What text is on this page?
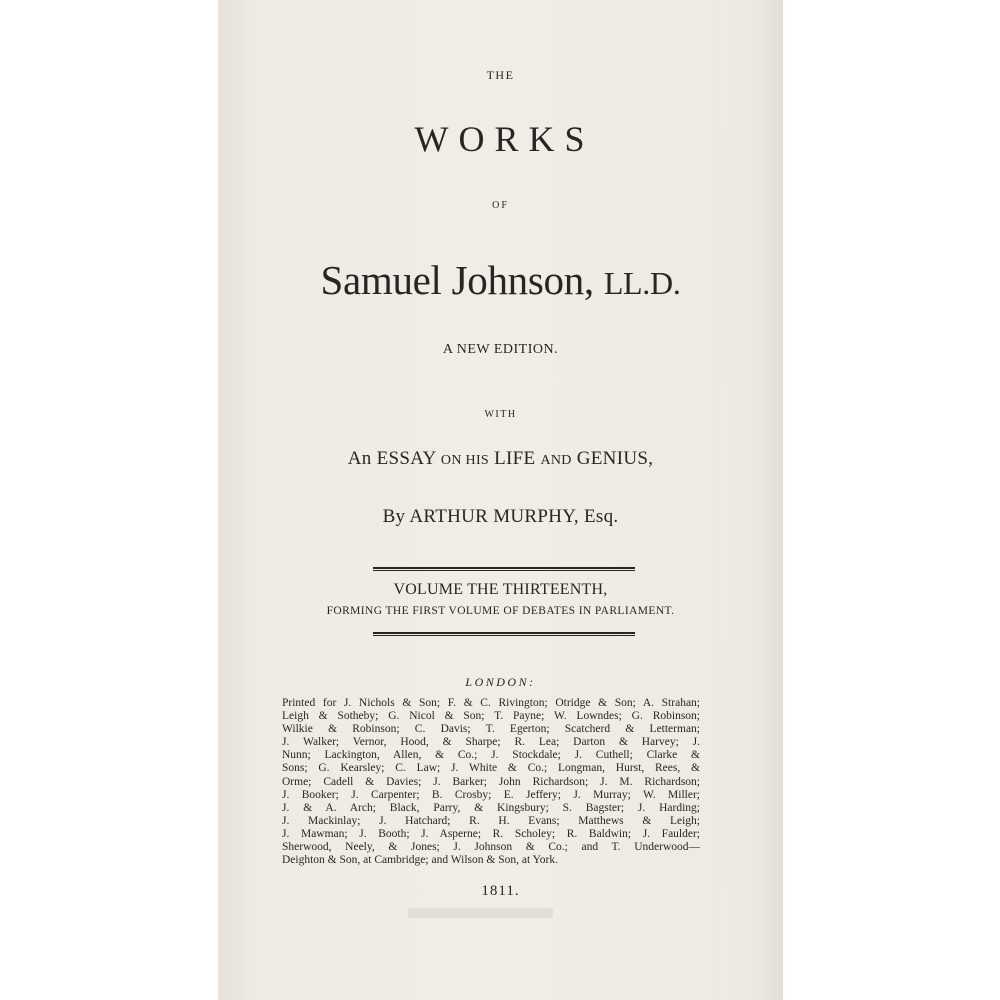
THE
WORKS
OF
Samuel Johnson, LL.D.
A NEW EDITION.
WITH
An ESSAY ON HIS LIFE AND GENIUS,
By ARTHUR MURPHY, Esq.
VOLUME THE THIRTEENTH,
FORMING THE FIRST VOLUME OF DEBATES IN PARLIAMENT.
LONDON:
Printed for J. Nichols & Son; F. & C. Rivington; Otridge & Son; A. Strahan;
Leigh & Sotheby; G. Nicol & Son; T. Payne; W. Lowndes; G. Robinson;
Wilkie & Robinson; C. Davis; T. Egerton; Scatcherd & Letterman;
J. Walker; Vernor, Hood, & Sharpe; R. Lea; Darton & Harvey; J.
Nunn; Lackington, Allen, & Co.; J. Stockdale; J. Cuthell; Clarke &
Sons; G. Kearsley; C. Law; J. White & Co.; Longman, Hurst, Rees, &
Orme; Cadell & Davies; J. Barker; John Richardson; J. M. Richardson;
J. Booker; J. Carpenter; B. Crosby; E. Jeffery; J. Murray; W. Miller;
J. & A. Arch; Black, Parry, & Kingsbury; S. Bagster; J. Harding;
J. Mackinlay; J. Hatchard; R. H. Evans; Matthews & Leigh;
J. Mawman; J. Booth; J. Asperne; R. Scholey; R. Baldwin; J. Faulder;
Sherwood, Neely, & Jones; J. Johnson & Co.; and T. Underwood—
Deighton & Son, at Cambridge; and Wilson & Son, at York.
1811.
